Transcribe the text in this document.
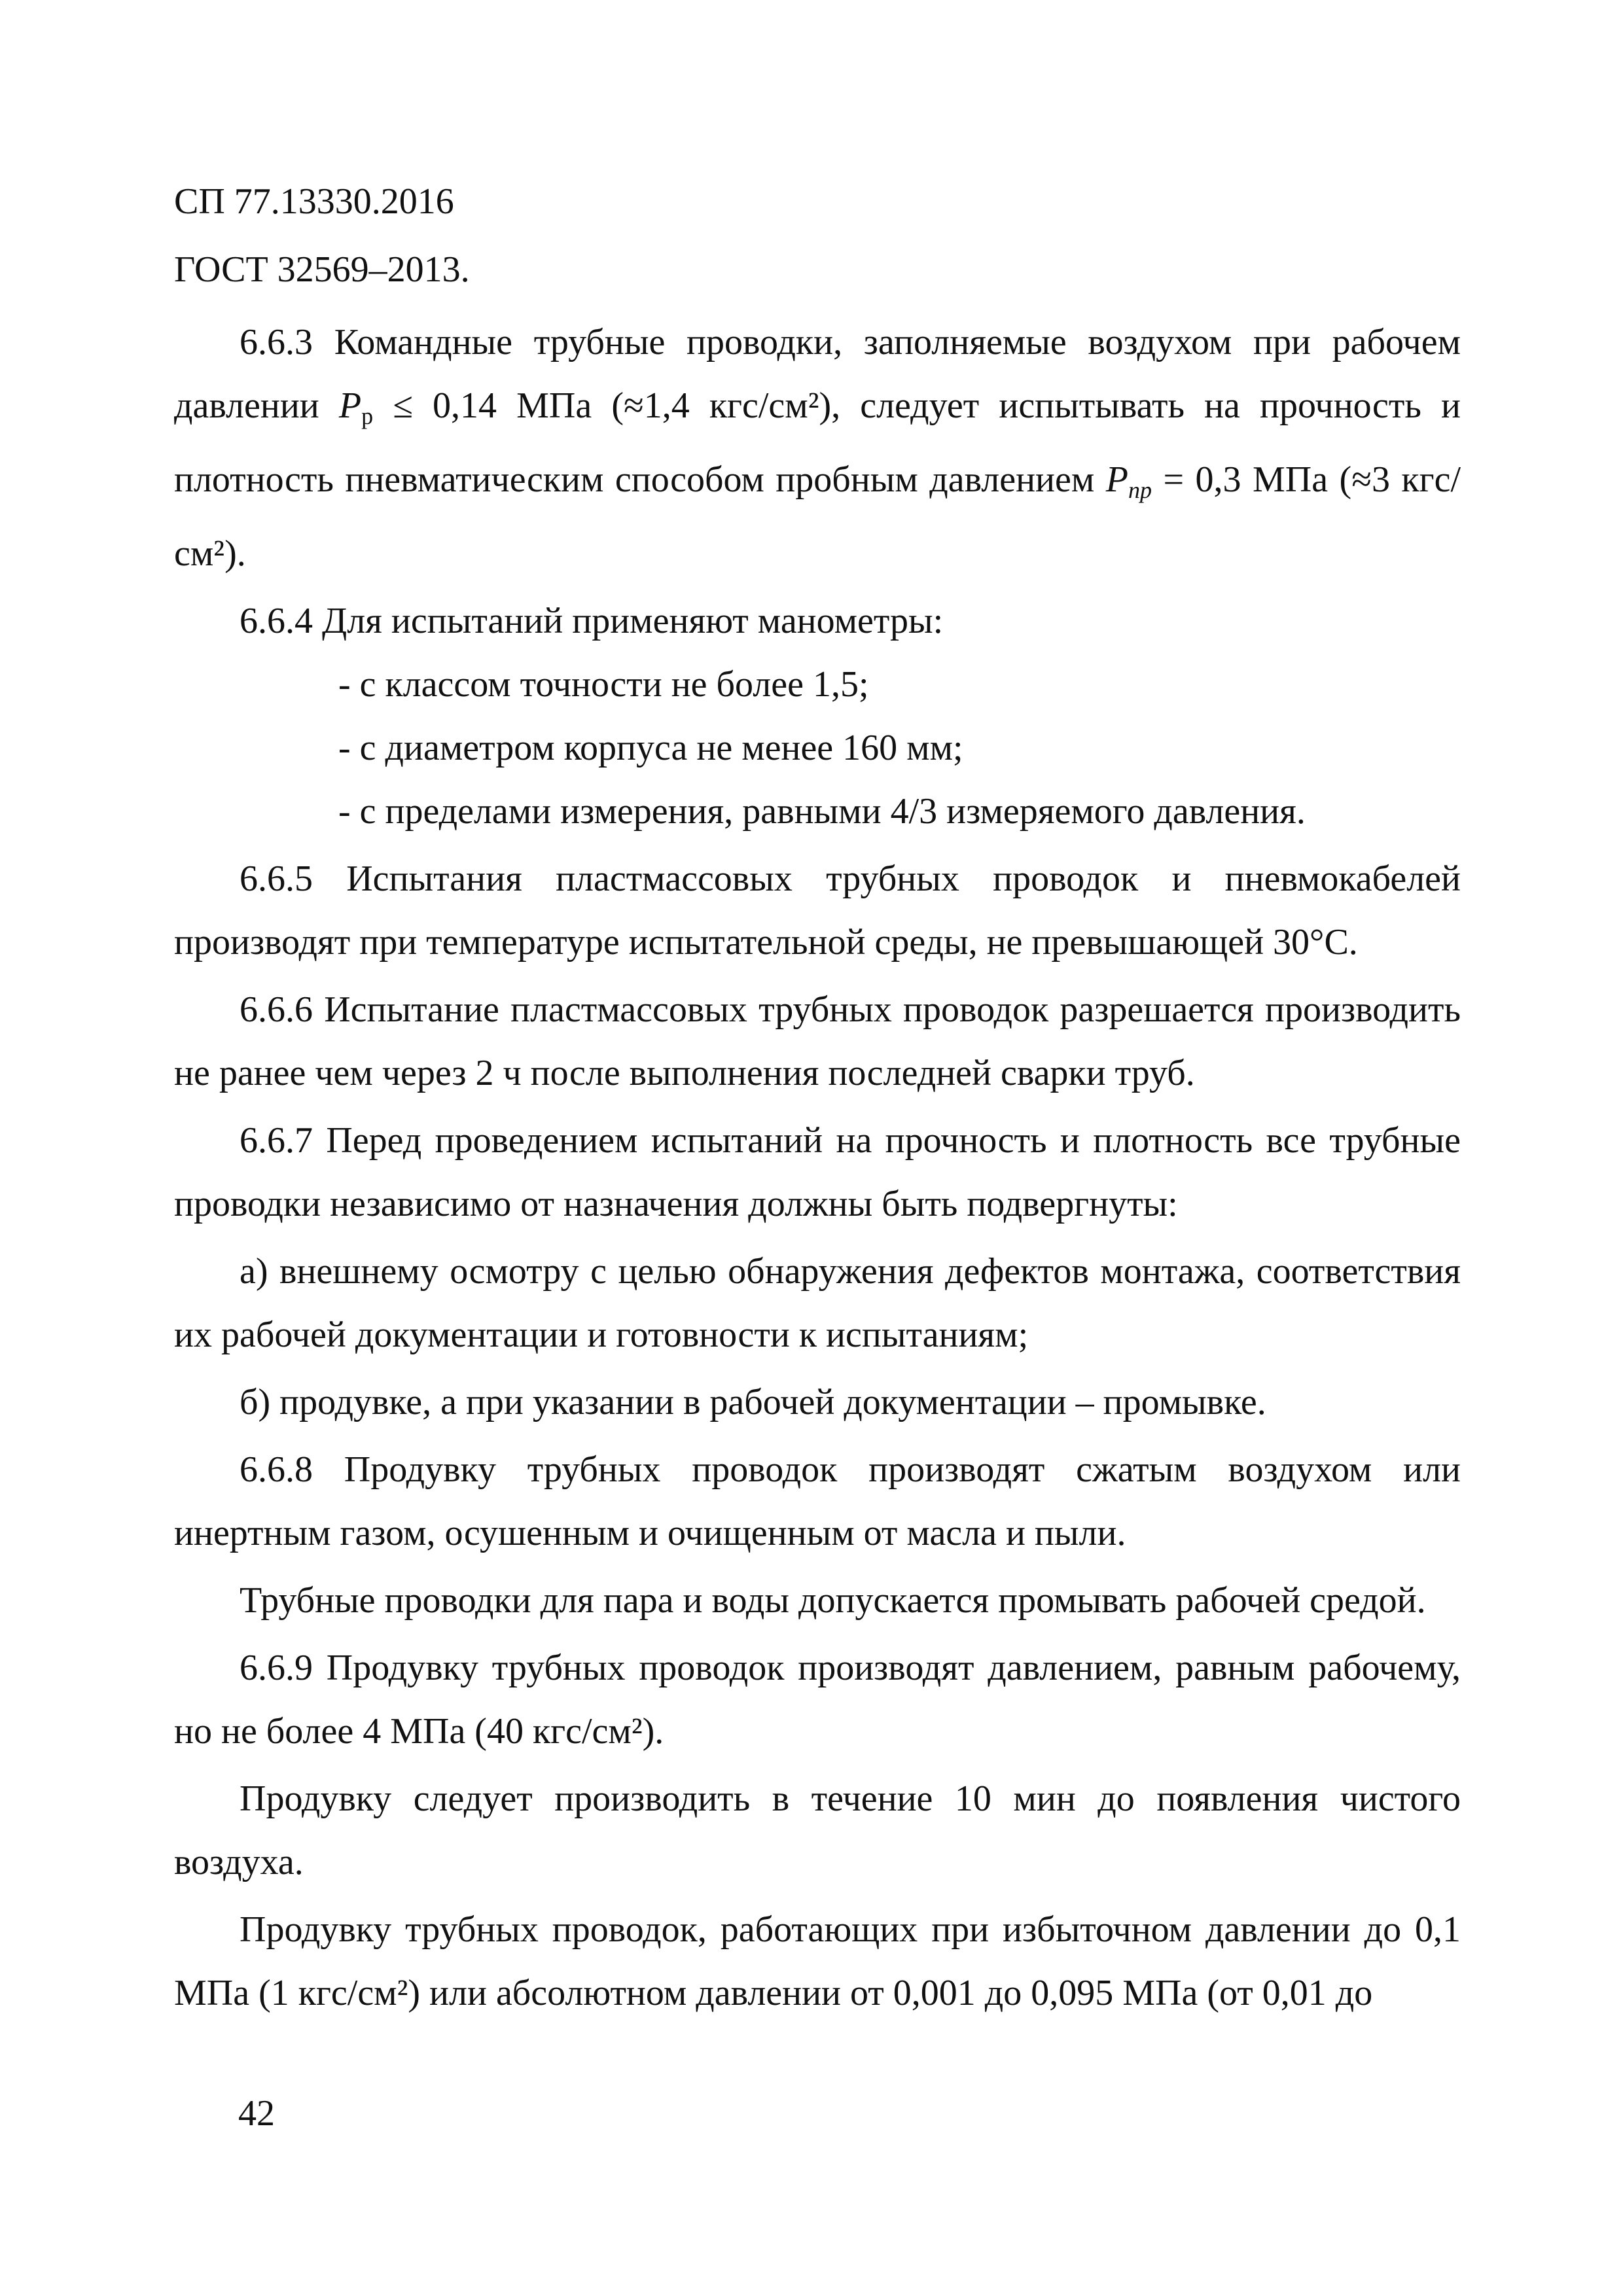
СП 77.13330.2016
ГОСТ 32569–2013.

6.6.3 Командные трубные проводки, заполняемые воздухом при рабочем давлении Pр ≤ 0,14 МПа (≈1,4 кгс/см²), следует испытывать на прочность и плотность пневматическим способом пробным давлением $P_{пр} = 0,3$ МПа (≈3 кгс/см²).

6.6.4 Для испытаний применяют манометры:

- с классом точности не более 1,5;

- с диаметром корпуса не менее 160 мм;

- с пределами измерения, равными 4/3 измеряемого давления.

6.6.5 Испытания пластмассовых трубных проводок и пневмокабелей производят при температуре испытательной среды, не превышающей 30°С.

6.6.6 Испытание пластмассовых трубных проводок разрешается производить не ранее чем через 2 ч после выполнения последней сварки труб.

6.6.7 Перед проведением испытаний на прочность и плотность все трубные проводки независимо от назначения должны быть подвергнуты:

а) внешнему осмотру с целью обнаружения дефектов монтажа, соответствия их рабочей документации и готовности к испытаниям;

б) продувке, а при указании в рабочей документации – промывке.

6.6.8 Продувку трубных проводок производят сжатым воздухом или инертным газом, осушенным и очищенным от масла и пыли.

Трубные проводки для пара и воды допускается промывать рабочей средой.

6.6.9 Продувку трубных проводок производят давлением, равным рабочему, но не более 4 МПа (40 кгс/см²).

Продувку следует производить в течение 10 мин до появления чистого воздуха.

Продувку трубных проводок, работающих при избыточном давлении до 0,1 МПа (1 кгс/см²) или абсолютном давлении от 0,001 до 0,095 МПа (от 0,01 до

42
